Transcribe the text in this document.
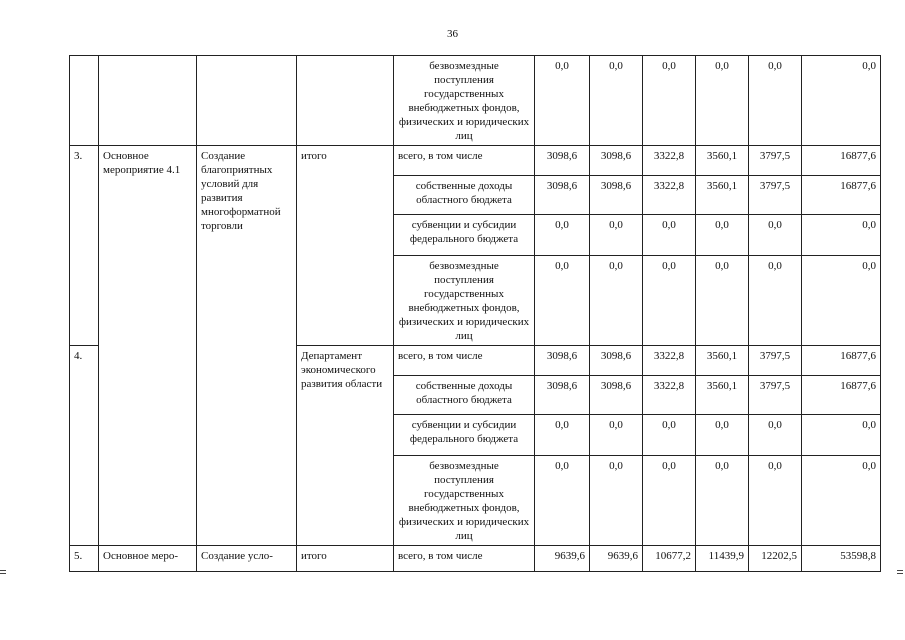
36
				безвозмездные поступления государственных внебюджетных фондов, физических и юридических лиц	0,0	0,0	0,0	0,0	0,0	0,0
3.	Основное мероприятие 4.1	Создание благоприятных условий для развития многоформатной торговли	итого	всего, в том числе	3098,6	3098,6	3322,8	3560,1	3797,5	16877,6
				собственные доходы областного бюджета	3098,6	3098,6	3322,8	3560,1	3797,5	16877,6
				субвенции и субсидии федерального бюджета	0,0	0,0	0,0	0,0	0,0	0,0
				безвозмездные поступления государственных внебюджетных фондов, физических и юридических лиц	0,0	0,0	0,0	0,0	0,0	0,0
4.			Департамент экономического развития области	всего, в том числе	3098,6	3098,6	3322,8	3560,1	3797,5	16877,6
				собственные доходы областного бюджета	3098,6	3098,6	3322,8	3560,1	3797,5	16877,6
				субвенции и субсидии федерального бюджета	0,0	0,0	0,0	0,0	0,0	0,0
				безвозмездные поступления государственных внебюджетных фондов, физических и юридических лиц	0,0	0,0	0,0	0,0	0,0	0,0
5.	Основное меро-	Создание усло-	итого	всего, в том числе	9639,6	9639,6	10677,2	11439,9	12202,5	53598,8
